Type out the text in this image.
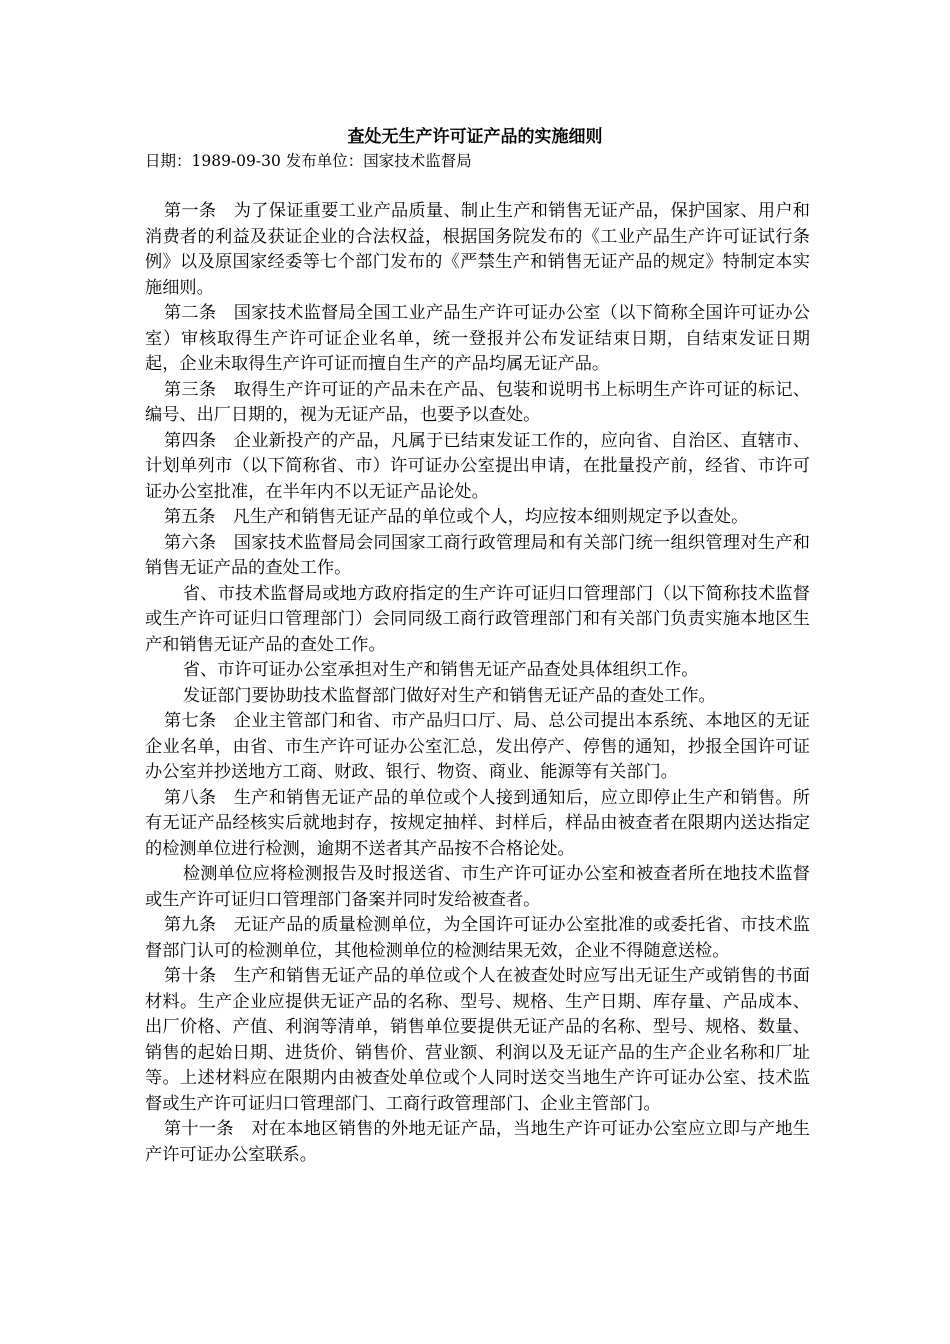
查处无生产许可证产品的实施细则

日期：1989-09-30 发布单位：国家技术监督局

第一条　为了保证重要工业产品质量、制止生产和销售无证产品，保护国家、用户和消费者的利益及获证企业的合法权益，根据国务院发布的《工业产品生产许可证试行条例》以及原国家经委等七个部门发布的《严禁生产和销售无证产品的规定》特制定本实施细则。

第二条　国家技术监督局全国工业产品生产许可证办公室（以下简称全国许可证办公室）审核取得生产许可证企业名单，统一登报并公布发证结束日期，自结束发证日期起，企业未取得生产许可证而擅自生产的产品均属无证产品。

第三条　取得生产许可证的产品未在产品、包装和说明书上标明生产许可证的标记、编号、出厂日期的，视为无证产品，也要予以查处。

第四条　企业新投产的产品，凡属于已结束发证工作的，应向省、自治区、直辖市、计划单列市（以下简称省、市）许可证办公室提出申请，在批量投产前，经省、市许可证办公室批准，在半年内不以无证产品论处。

第五条　凡生产和销售无证产品的单位或个人，均应按本细则规定予以查处。

第六条　国家技术监督局会同国家工商行政管理局和有关部门统一组织管理对生产和销售无证产品的查处工作。

省、市技术监督局或地方政府指定的生产许可证归口管理部门（以下简称技术监督或生产许可证归口管理部门）会同同级工商行政管理部门和有关部门负责实施本地区生产和销售无证产品的查处工作。

省、市许可证办公室承担对生产和销售无证产品查处具体组织工作。

发证部门要协助技术监督部门做好对生产和销售无证产品的查处工作。

第七条　企业主管部门和省、市产品归口厅、局、总公司提出本系统、本地区的无证企业名单，由省、市生产许可证办公室汇总，发出停产、停售的通知，抄报全国许可证办公室并抄送地方工商、财政、银行、物资、商业、能源等有关部门。

第八条　生产和销售无证产品的单位或个人接到通知后，应立即停止生产和销售。所有无证产品经核实后就地封存，按规定抽样、封样后，样品由被查者在限期内送达指定的检测单位进行检测，逾期不送者其产品按不合格论处。

检测单位应将检测报告及时报送省、市生产许可证办公室和被查者所在地技术监督或生产许可证归口管理部门备案并同时发给被查者。

第九条　无证产品的质量检测单位，为全国许可证办公室批准的或委托省、市技术监督部门认可的检测单位，其他检测单位的检测结果无效，企业不得随意送检。

第十条　生产和销售无证产品的单位或个人在被查处时应写出无证生产或销售的书面材料。生产企业应提供无证产品的名称、型号、规格、生产日期、库存量、产品成本、出厂价格、产值、利润等清单，销售单位要提供无证产品的名称、型号、规格、数量、销售的起始日期、进货价、销售价、营业额、利润以及无证产品的生产企业名称和厂址等。上述材料应在限期内由被查处单位或个人同时送交当地生产许可证办公室、技术监督或生产许可证归口管理部门、工商行政管理部门、企业主管部门。

第十一条　对在本地区销售的外地无证产品，当地生产许可证办公室应立即与产地生产许可证办公室联系。
